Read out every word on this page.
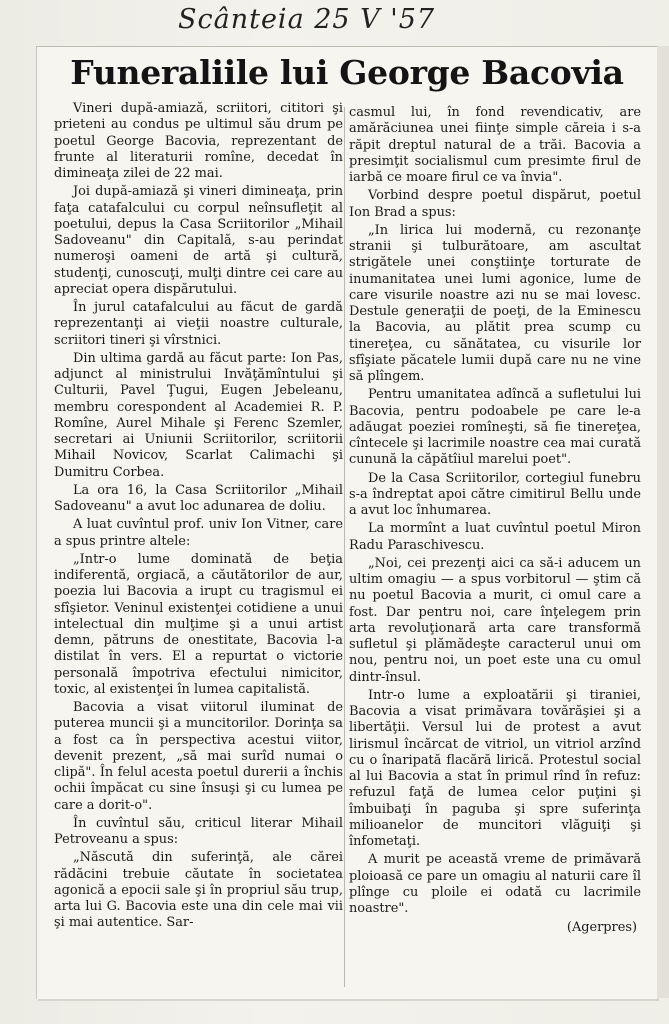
Scânteia 25 V '57
Funeraliile lui George Bacovia

Vineri după-amiază, scriitori, cititori şi prieteni au condus pe ultimul său drum pe poetul George Bacovia, reprezentant de frunte al literaturii romîne, decedat în dimineaţa zilei de 22 mai.

Joi după-amiază şi vineri dimineaţa, prin faţa catafalcului cu corpul neînsufleţit al poetului, depus la Casa Scriitorilor „Mihail Sadoveanu" din Capitală, s-au perindat numeroşi oameni de artă şi cultură, studenţi, cunoscuţi, mulţi dintre cei care au apreciat opera dispărutului.

În jurul catafalcului au făcut de gardă reprezentanţi ai vieţii noastre culturale, scriitori tineri şi vîrstnici.

Din ultima gardă au făcut parte: Ion Pas, adjunct al ministrului Invăţămîntului şi Culturii, Pavel Ţugui, Eugen Jebeleanu, membru corespondent al Academiei R. P. Romîne, Aurel Mihale şi Ferenc Szemler, secretari ai Uniunii Scriitorilor, scriitorii Mihail Novicov, Scarlat Calimachi şi Dumitru Corbea.

La ora 16, la Casa Scriitorilor „Mihail Sadoveanu" a avut loc adunarea de doliu.

A luat cuvîntul prof. univ Ion Vitner, care a spus printre altele:

„Intr-o lume dominată de beţia indiferentă, orgiacă, a căutătorilor de aur, poezia lui Bacovia a irupt cu tragismul ei sfîşietor. Veninul existenţei cotidiene a unui intelectual din mulţime şi a unui artist demn, pătruns de onestitate, Bacovia l-a distilat în vers. El a repurtat o victorie personală împotriva efectului nimicitor, toxic, al existenţei în lumea capitalistă.

Bacovia a visat viitorul iluminat de puterea muncii şi a muncitorilor. Dorinţa sa a fost ca în perspectiva acestui viitor, devenit prezent, „să mai surîd numai o clipă". În felul acesta poetul durerii a închis ochii împăcat cu sine însuşi şi cu lumea pe care a dorit-o".

În cuvîntul său, criticul literar Mihail Petroveanu a spus:

„Născută din suferinţă, ale cărei rădăcini trebuie căutate în societatea agonică a epocii sale şi în propriul său trup, arta lui G. Bacovia este una din cele mai vii şi mai autentice. Sar-

casmul lui, în fond revendicativ, are amărăciunea unei fiinţe simple căreia i s-a răpit dreptul natural de a trăi. Bacovia a presimţit socialismul cum presimte firul de iarbă ce moare firul ce va învia".

Vorbind despre poetul dispărut, poetul Ion Brad a spus:

„In lirica lui modernă, cu rezonanţe stranii şi tulburătoare, am ascultat strigătele unei conştiinţe torturate de inumanitatea unei lumi agonice, lume de care visurile noastre azi nu se mai lovesc. Destule generaţii de poeţi, de la Eminescu la Bacovia, au plătit prea scump cu tinereţea, cu sănătatea, cu visurile lor sfîşiate păcatele lumii după care nu ne vine să plîngem.

Pentru umanitatea adîncă a sufletului lui Bacovia, pentru podoabele pe care le-a adăugat poeziei romîneşti, să fie tinereţea, cîntecele şi lacrimile noastre cea mai curată cunună la căpătîiul marelui poet".

De la Casa Scriitorilor, cortegiul funebru s-a îndreptat apoi către cimitirul Bellu unde a avut loc înhumarea.

La mormînt a luat cuvîntul poetul Miron Radu Paraschivescu.

„Noi, cei prezenţi aici ca să-i aducem un ultim omagiu — a spus vorbitorul — ştim că nu poetul Bacovia a murit, ci omul care a fost. Dar pentru noi, care înţelegem prin arta revoluţionară arta care transformă sufletul şi plămădeşte caracterul unui om nou, pentru noi, un poet este una cu omul dintr-însul.

Intr-o lume a exploatării şi tiraniei, Bacovia a visat primăvara tovărăşiei şi a libertăţii. Versul lui de protest a avut lirismul încărcat de vitriol, un vitriol arzînd cu o înaripată flacără lirică. Protestul social al lui Bacovia a stat în primul rînd în refuz: refuzul faţă de lumea celor puţini şi îmbuibaţi în paguba şi spre suferinţa milioanelor de muncitori vlăguiţi şi înfometaţi.

A murit pe această vreme de primăvară ploioasă ce pare un omagiu al naturii care îl plînge cu ploile ei odată cu lacrimile noastre".

(Agerpres)
